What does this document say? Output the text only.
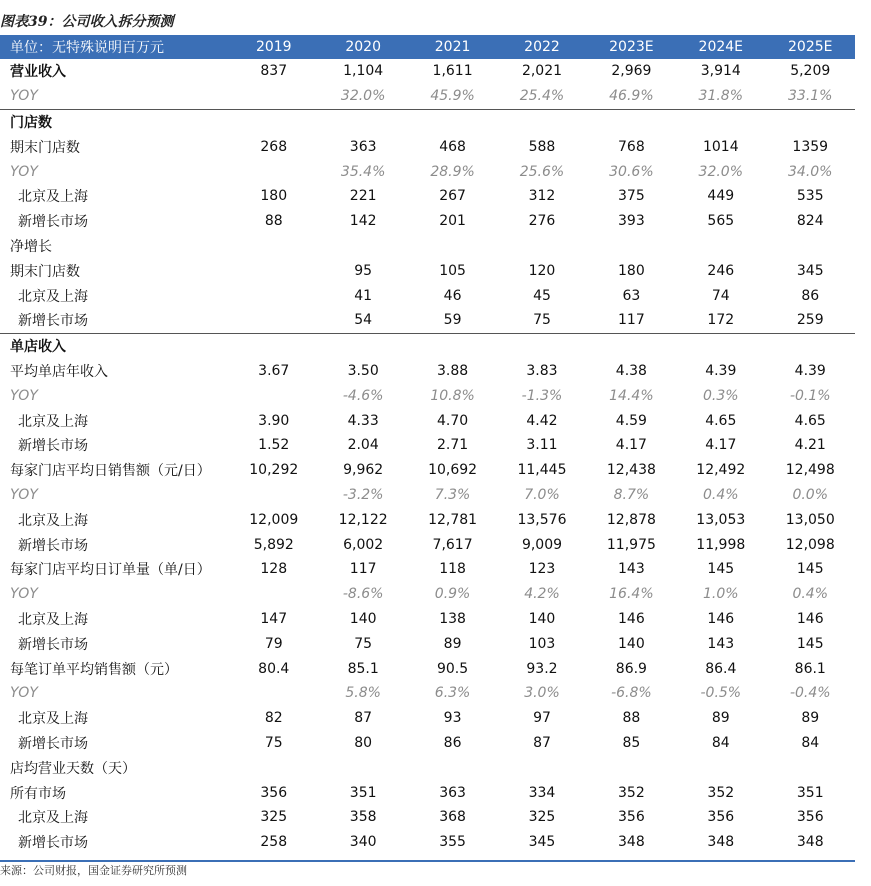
图表39：公司收入拆分预测
单位：无特殊说明百万元	2019	2020	2021	2022	2023E	2024E	2025E
营业收入	837	1,104	1,611	2,021	2,969	3,914	5,209
YOY		32.0%	45.9%	25.4%	46.9%	31.8%	33.1%
门店数							
期末门店数	268	363	468	588	768	1014	1359
YOY		35.4%	28.9%	25.6%	30.6%	32.0%	34.0%
北京及上海	180	221	267	312	375	449	535
新增长市场	88	142	201	276	393	565	824
净增长							
期末门店数		95	105	120	180	246	345
北京及上海		41	46	45	63	74	86
新增长市场		54	59	75	117	172	259
单店收入							
平均单店年收入	3.67	3.50	3.88	3.83	4.38	4.39	4.39
YOY		-4.6%	10.8%	-1.3%	14.4%	0.3%	-0.1%
北京及上海	3.90	4.33	4.70	4.42	4.59	4.65	4.65
新增长市场	1.52	2.04	2.71	3.11	4.17	4.17	4.21
每家门店平均日销售额（元/日）	10,292	9,962	10,692	11,445	12,438	12,492	12,498
YOY		-3.2%	7.3%	7.0%	8.7%	0.4%	0.0%
北京及上海	12,009	12,122	12,781	13,576	12,878	13,053	13,050
新增长市场	5,892	6,002	7,617	9,009	11,975	11,998	12,098
每家门店平均日订单量（单/日）	128	117	118	123	143	145	145
YOY		-8.6%	0.9%	4.2%	16.4%	1.0%	0.4%
北京及上海	147	140	138	140	146	146	146
新增长市场	79	75	89	103	140	143	145
每笔订单平均销售额（元）	80.4	85.1	90.5	93.2	86.9	86.4	86.1
YOY		5.8%	6.3%	3.0%	-6.8%	-0.5%	-0.4%
北京及上海	82	87	93	97	88	89	89
新增长市场	75	80	86	87	85	84	84
店均营业天数（天）							
所有市场	356	351	363	334	352	352	351
北京及上海	325	358	368	325	356	356	356
新增长市场	258	340	355	345	348	348	348
来源：公司财报，国金证券研究所预测
